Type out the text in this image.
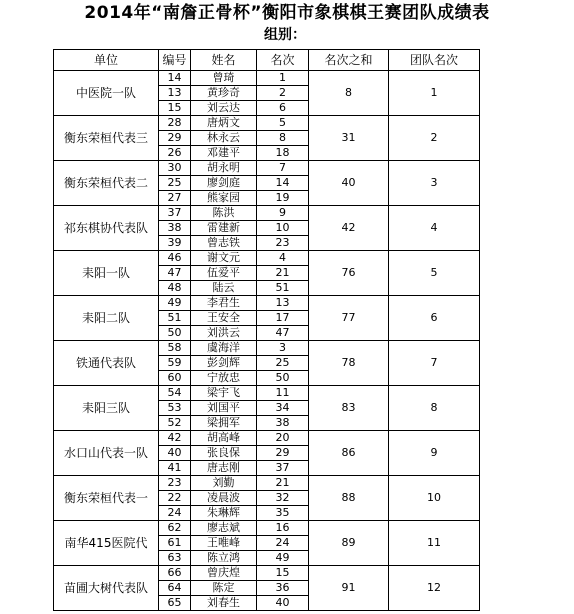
2014年“南詹正骨杯”衡阳市象棋棋王赛团队成绩表
组别：
单位	编号	姓名	名次	名次之和	团队名次
中医院一队	14	曾琦	1	8	1
	13	黄珍奇	2		
	15	刘云达	6		
衡东荣桓代表三	28	唐炳文	5	31	2
	29	林永云	8		
	26	邓建平	18		
衡东荣桓代表二	30	胡永明	7	40	3
	25	廖剑庭	14		
	27	熊家园	19		
祁东棋协代表队	37	陈洪	9	42	4
	38	雷建新	10		
	39	曾志铁	23		
耒阳一队	46	谢文元	4	76	5
	47	伍爱平	21		
	48	陆云	51		
耒阳二队	49	李君生	13	77	6
	51	王安全	17		
	50	刘洪云	47		
铁通代表队	58	虞海洋	3	78	7
	59	彭剑辉	25		
	60	宁放忠	50		
耒阳三队	54	梁宇飞	11	83	8
	53	刘国平	34		
	52	梁拥军	38		
水口山代表一队	42	胡高峰	20	86	9
	40	张良保	29		
	41	唐志刚	37		
衡东荣桓代表一	23	刘勤	21	88	10
	22	凌晨波	32		
	24	朱琳辉	35		
南华415医院代	62	廖志斌	16	89	11
	61	王唯峰	24		
	63	陈立鸿	49		
苗圃大树代表队	66	曾庆煌	15	91	12
	64	陈定	36		
	65	刘春生	40		
